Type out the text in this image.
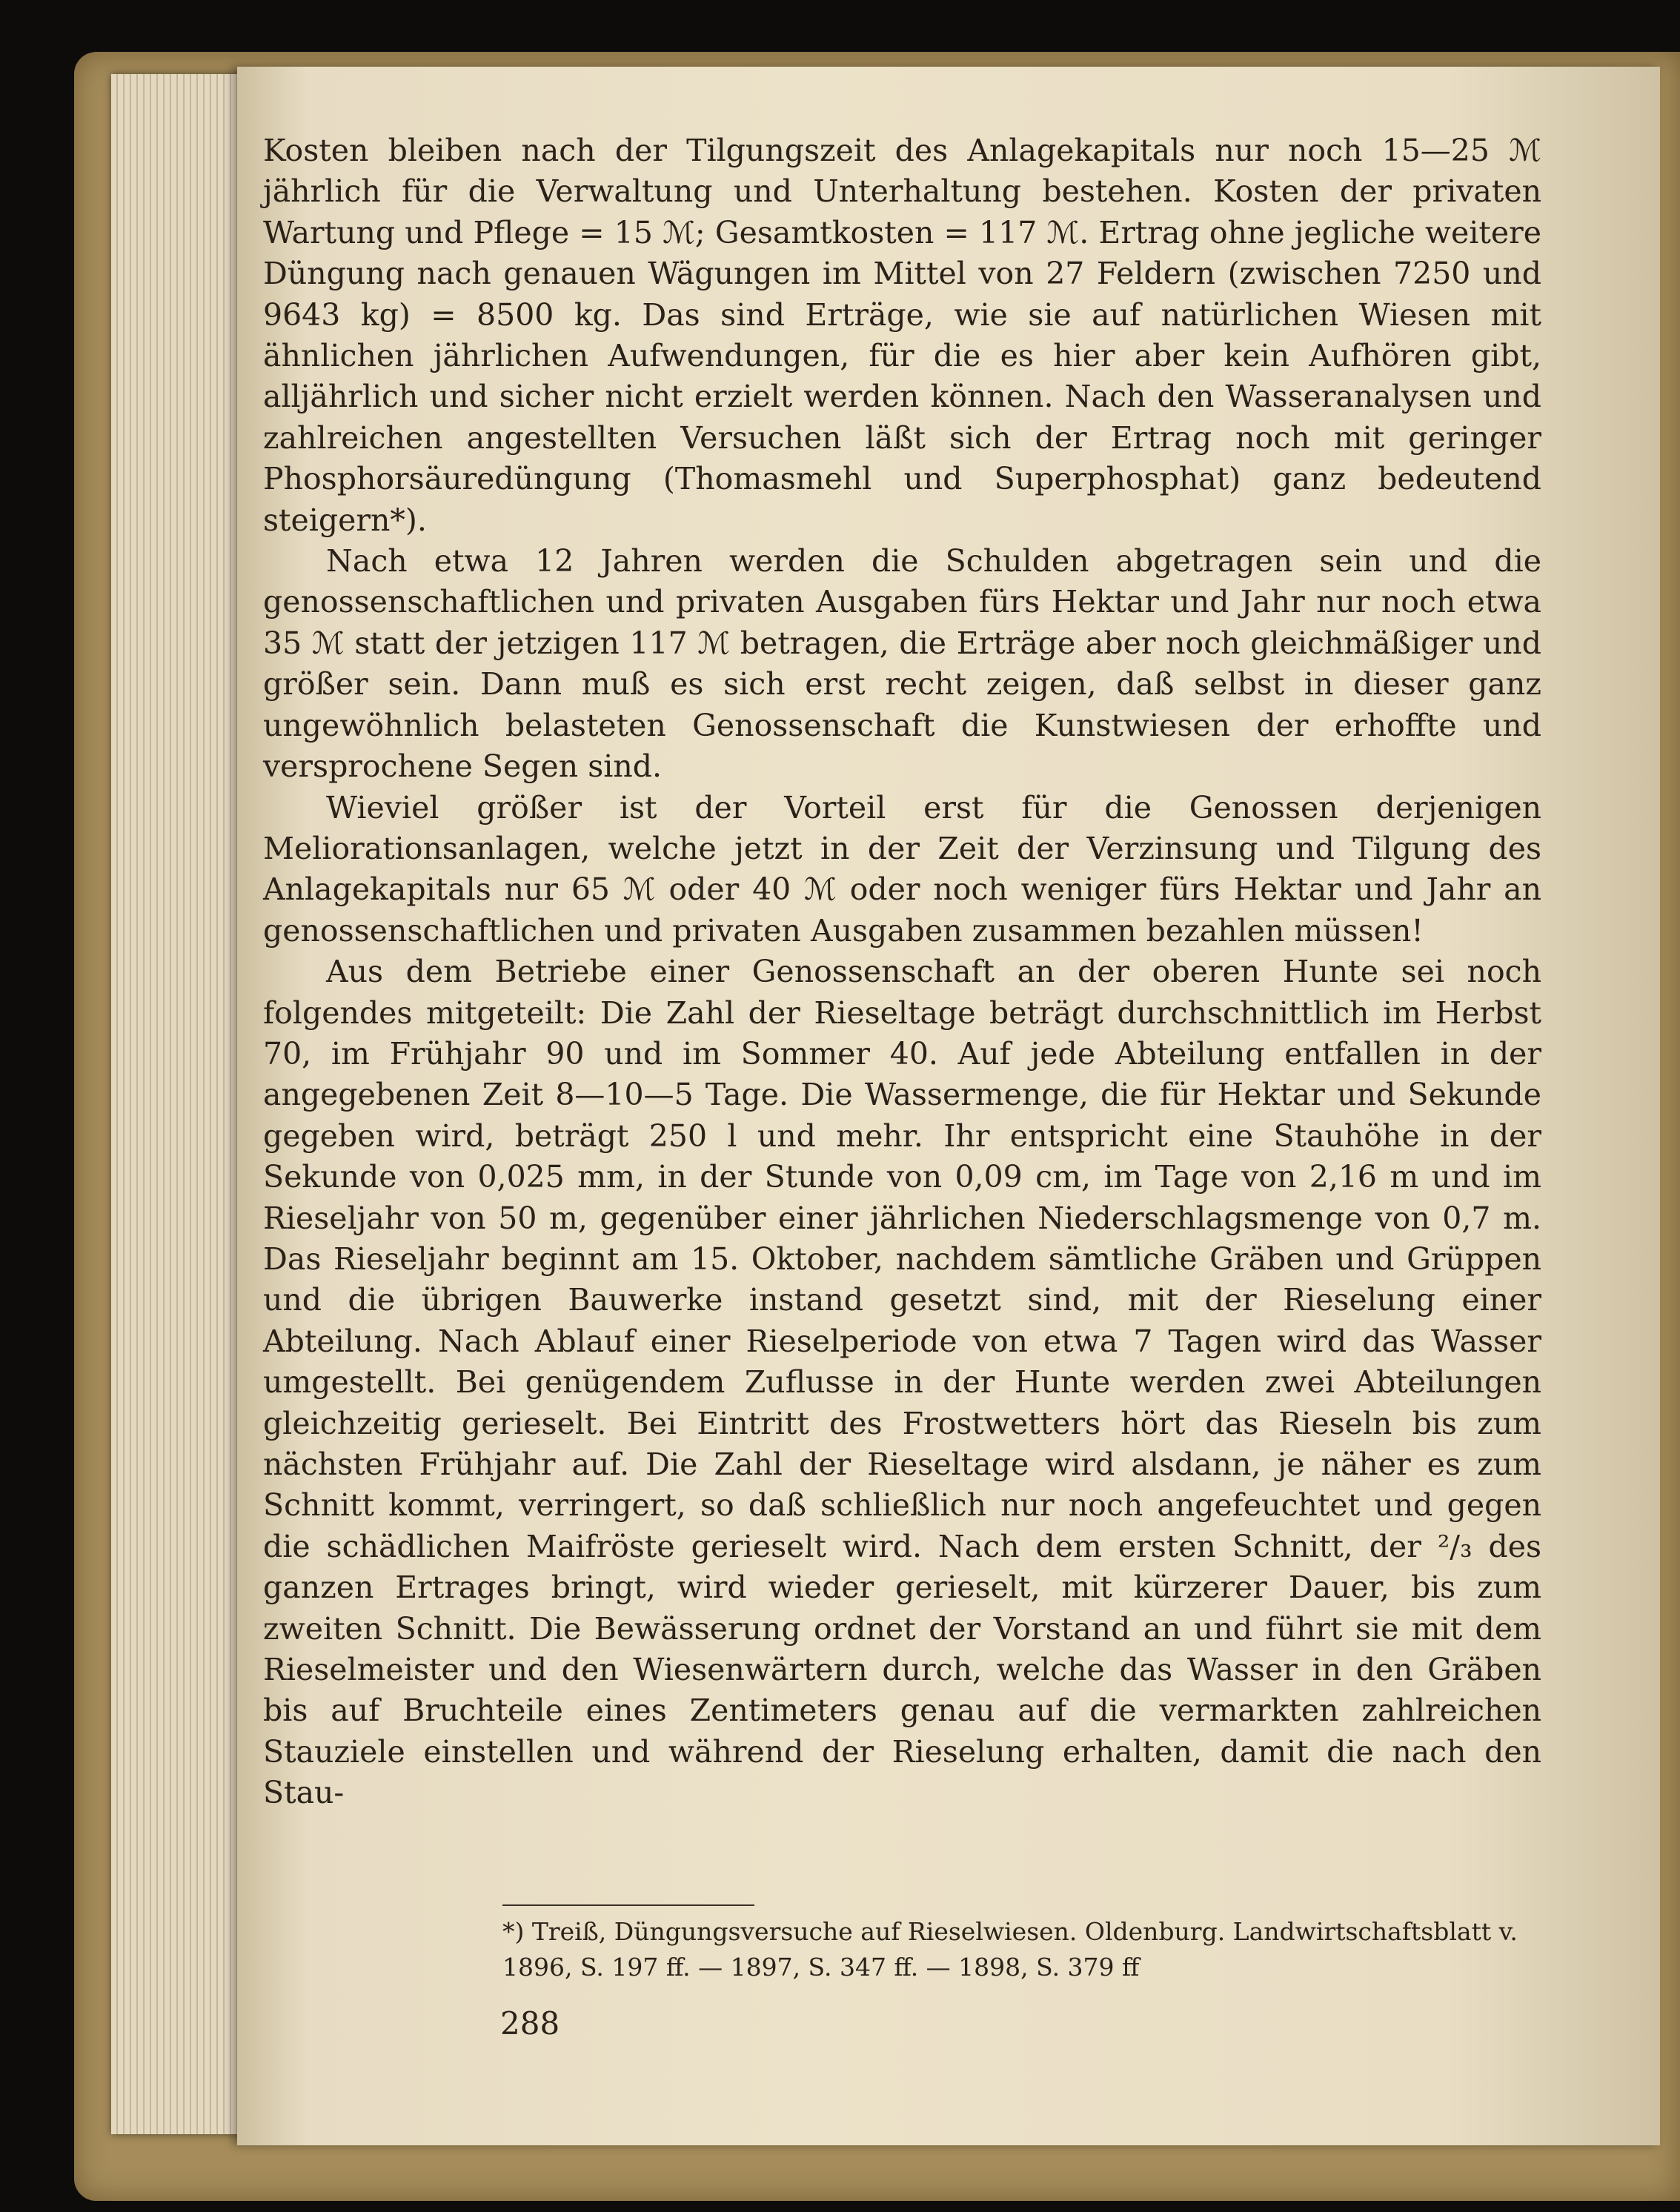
Kosten bleiben nach der Tilgungszeit des Anlagekapitals nur noch 15—25 ℳ jährlich für die Verwaltung und Unterhaltung bestehen. Kosten der privaten Wartung und Pflege = 15 ℳ; Gesamtkosten = 117 ℳ. Ertrag ohne jegliche weitere Düngung nach genauen Wägungen im Mittel von 27 Feldern (zwischen 7250 und 9643 kg) = 8500 kg. Das sind Erträge, wie sie auf natürlichen Wiesen mit ähnlichen jährlichen Aufwendungen, für die es hier aber kein Aufhören gibt, alljährlich und sicher nicht erzielt werden können. Nach den Wasseranalysen und zahlreichen angestellten Versuchen läßt sich der Ertrag noch mit geringer Phosphorsäuredüngung (Thomasmehl und Superphosphat) ganz bedeutend steigern*).

Nach etwa 12 Jahren werden die Schulden abgetragen sein und die genossenschaftlichen und privaten Ausgaben fürs Hektar und Jahr nur noch etwa 35 ℳ statt der jetzigen 117 ℳ betragen, die Erträge aber noch gleichmäßiger und größer sein. Dann muß es sich erst recht zeigen, daß selbst in dieser ganz ungewöhnlich belasteten Genossenschaft die Kunstwiesen der erhoffte und versprochene Segen sind.

Wieviel größer ist der Vorteil erst für die Genossen derjenigen Meliorationsanlagen, welche jetzt in der Zeit der Verzinsung und Tilgung des Anlagekapitals nur 65 ℳ oder 40 ℳ oder noch weniger fürs Hektar und Jahr an genossenschaftlichen und privaten Ausgaben zusammen bezahlen müssen!

Aus dem Betriebe einer Genossenschaft an der oberen Hunte sei noch folgendes mitgeteilt: Die Zahl der Rieseltage beträgt durchschnittlich im Herbst 70, im Frühjahr 90 und im Sommer 40. Auf jede Abteilung entfallen in der angegebenen Zeit 8—10—5 Tage. Die Wassermenge, die für Hektar und Sekunde gegeben wird, beträgt 250 l und mehr. Ihr entspricht eine Stauhöhe in der Sekunde von 0,025 mm, in der Stunde von 0,09 cm, im Tage von 2,16 m und im Rieseljahr von 50 m, gegenüber einer jährlichen Niederschlagsmenge von 0,7 m. Das Rieseljahr beginnt am 15. Oktober, nachdem sämtliche Gräben und Grüppen und die übrigen Bauwerke instand gesetzt sind, mit der Rieselung einer Abteilung. Nach Ablauf einer Rieselperiode von etwa 7 Tagen wird das Wasser umgestellt. Bei genügendem Zuflusse in der Hunte werden zwei Abteilungen gleichzeitig gerieselt. Bei Eintritt des Frostwetters hört das Rieseln bis zum nächsten Frühjahr auf. Die Zahl der Rieseltage wird alsdann, je näher es zum Schnitt kommt, verringert, so daß schließlich nur noch angefeuchtet und gegen die schädlichen Maifröste gerieselt wird. Nach dem ersten Schnitt, der ²/₃ des ganzen Ertrages bringt, wird wieder gerieselt, mit kürzerer Dauer, bis zum zweiten Schnitt. Die Bewässerung ordnet der Vorstand an und führt sie mit dem Rieselmeister und den Wiesenwärtern durch, welche das Wasser in den Gräben bis auf Bruchteile eines Zentimeters genau auf die vermarkten zahlreichen Stauziele einstellen und während der Rieselung erhalten, damit die nach den Stau-

*) Treiß, Düngungsversuche auf Rieselwiesen. Oldenburg. Landwirtschaftsblatt v. 1896, S. 197 ff. — 1897, S. 347 ff. — 1898, S. 379 ff
288
